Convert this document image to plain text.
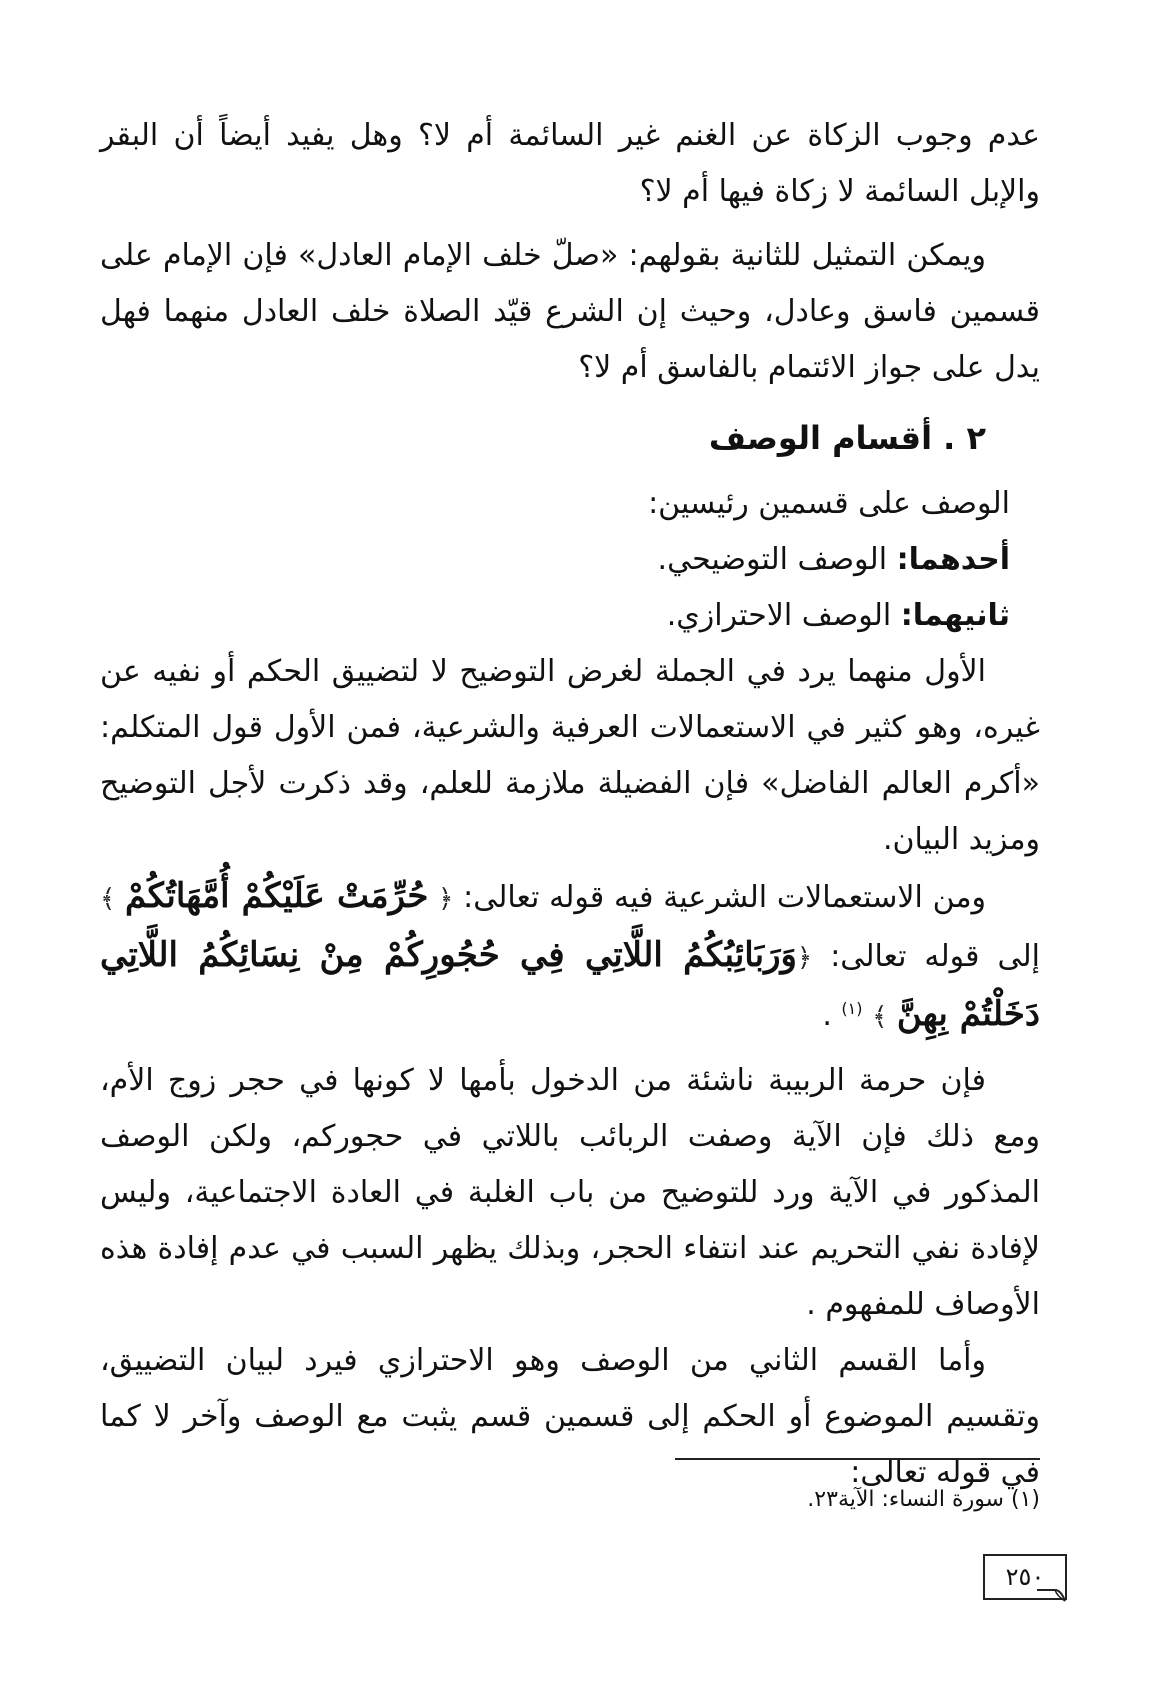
عدم وجوب الزكاة عن الغنم غير السائمة أم لا؟ وهل يفيد أيضاً أن البقر والإبل السائمة لا زكاة فيها أم لا؟

ويمكن التمثيل للثانية بقولهم: «صلّ خلف الإمام العادل» فإن الإمام على قسمين فاسق وعادل، وحيث إن الشرع قيّد الصلاة خلف العادل منهما فهل يدل على جواز الائتمام بالفاسق أم لا؟

٢ . أقسام الوصف

الوصف على قسمين رئيسين:

أحدهما: الوصف التوضيحي.

ثانيهما: الوصف الاحترازي.

الأول منهما يرد في الجملة لغرض التوضيح لا لتضييق الحكم أو نفيه عن غيره، وهو كثير في الاستعمالات العرفية والشرعية، فمن الأول قول المتكلم: «أكرم العالم الفاضل» فإن الفضيلة ملازمة للعلم، وقد ذكرت لأجل التوضيح ومزيد البيان.

ومن الاستعمالات الشرعية فيه قوله تعالى: ﴿ حُرِّمَتْ عَلَيْكُمْ أُمَّهَاتُكُمْ ﴾ إلى قوله تعالى: ﴿وَرَبَائِبُكُمُ اللَّاتِي فِي حُجُورِكُمْ مِنْ نِسَائِكُمُ اللَّاتِي دَخَلْتُمْ بِهِنَّ ﴾ $^{(١)}$ .

فإن حرمة الربيبة ناشئة من الدخول بأمها لا كونها في حجر زوج الأم، ومع ذلك فإن الآية وصفت الربائب باللاتي في حجوركم، ولكن الوصف المذكور في الآية ورد للتوضيح من باب الغلبة في العادة الاجتماعية، وليس لإفادة نفي التحريم عند انتفاء الحجر، وبذلك يظهر السبب في عدم إفادة هذه الأوصاف للمفهوم .

وأما القسم الثاني من الوصف وهو الاحترازي فيرد لبيان التضييق، وتقسيم الموضوع أو الحكم إلى قسمين قسم يثبت مع الوصف وآخر لا كما في قوله تعالى:

(١) سورة النساء: الآية٢٣.
٢٥٠
